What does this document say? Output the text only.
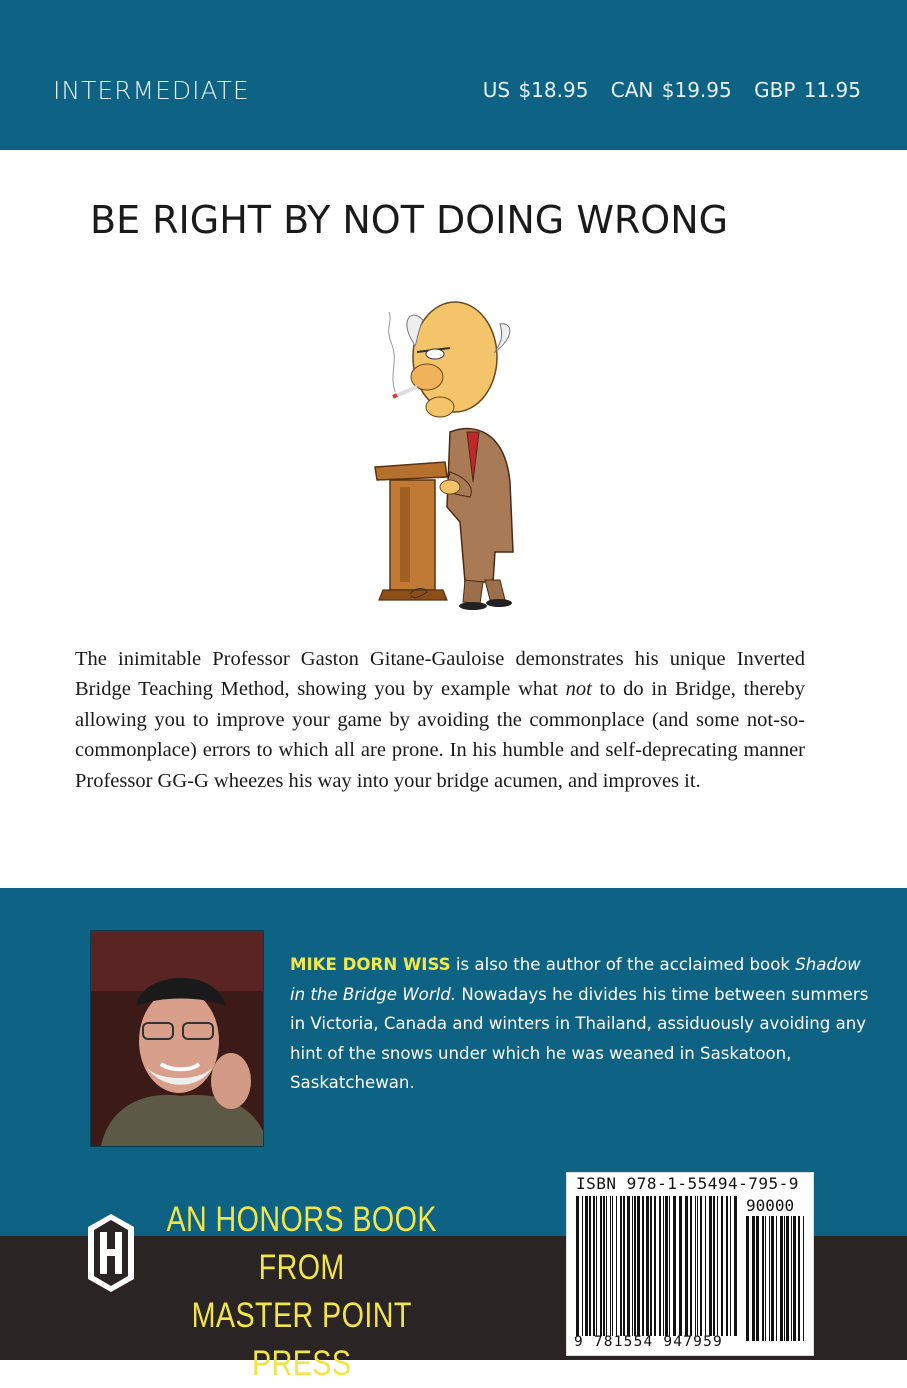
INTERMEDIATE	US $18.95 CAN $19.95 GBP 11.95
BE RIGHT BY NOT DOING WRONG
The inimitable Professor Gaston Gitane-Gauloise demonstrates his unique Inverted Bridge Teaching Method, showing you by example what not to do in Bridge, thereby allowing you to improve your game by avoiding the commonplace (and some not-so-commonplace) errors to which all are prone. In his humble and self-deprecating manner Professor GG-G wheezes his way into your bridge acumen, and improves it.
MIKE DORN WISS is also the author of the acclaimed book Shadow in the Bridge World. Nowadays he divides his time between summers in Victoria, Canada and winters in Thailand, assiduously avoiding any hint of the snows under which he was weaned in Saskatoon, Saskatchewan.
AN HONORS BOOK FROM
MASTER POINT PRESS
ISBN 978-1-55494-795-9
90000
9 781554 947959
